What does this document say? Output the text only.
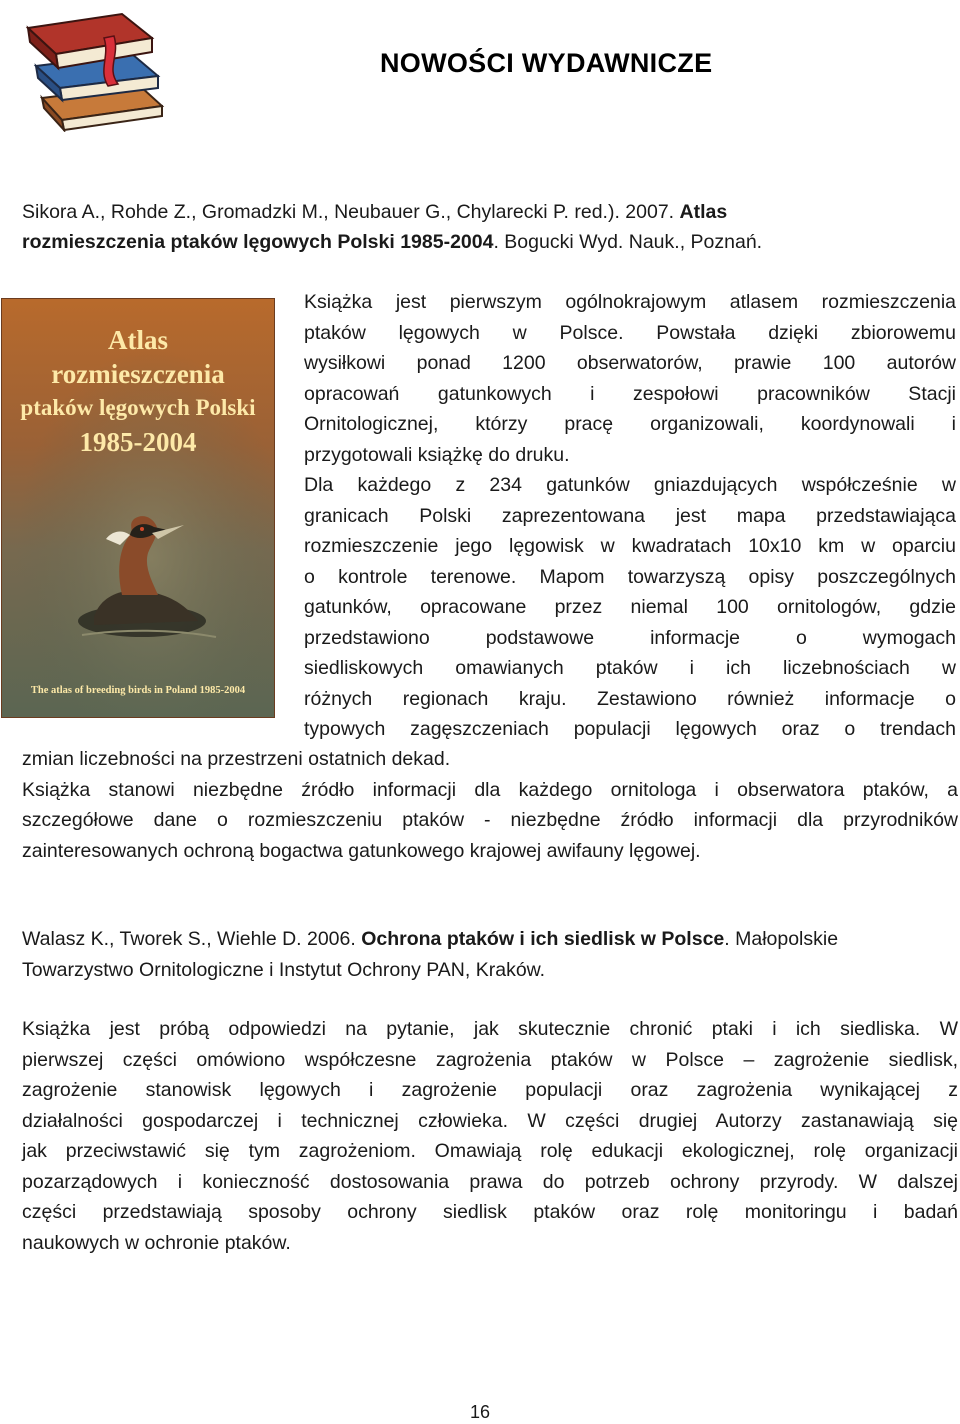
NOWOŚCI WYDAWNICZE

Sikora A., Rohde Z., Gromadzki M., Neubauer G., Chylarecki P. red.). 2007. Atlas

rozmieszczenia ptaków lęgowych Polski 1985-2004. Bogucki Wyd. Nauk., Poznań.

Atlas
rozmieszczenia
ptaków lęgowych Polski
1985-2004
The atlas of breeding birds in Poland 1985-2004

Książka jest pierwszym ogólnokrajowym atlasem rozmieszczenia

ptaków lęgowych w Polsce. Powstała dzięki zbiorowemu

wysiłkowi ponad 1200 obserwatorów, prawie 100 autorów

opracowań gatunkowych i zespołowi pracowników Stacji

Ornitologicznej, którzy pracę organizowali, koordynowali i

przygotowali książkę do druku.

Dla każdego z 234 gatunków gniazdujących współcześnie w

granicach Polski zaprezentowana jest mapa przedstawiająca

rozmieszczenie jego lęgowisk w kwadratach 10x10 km w oparciu

o kontrole terenowe. Mapom towarzyszą opisy poszczególnych

gatunków, opracowane przez niemal 100 ornitologów, gdzie

przedstawiono podstawowe informacje o wymogach

siedliskowych omawianych ptaków i ich liczebnościach w

różnych regionach kraju. Zestawiono również informacje o

typowych zagęszczeniach populacji lęgowych oraz o trendach

zmian liczebności na przestrzeni ostatnich dekad.

Książka stanowi niezbędne źródło informacji dla każdego ornitologa i obserwatora ptaków, a

szczegółowe dane o rozmieszczeniu ptaków - niezbędne źródło informacji dla przyrodników

zainteresowanych ochroną bogactwa gatunkowego krajowej awifauny lęgowej.

Walasz K., Tworek S., Wiehle D. 2006. Ochrona ptaków i ich siedlisk w Polsce. Małopolskie

Towarzystwo Ornitologiczne i Instytut Ochrony PAN, Kraków.

Książka jest próbą odpowiedzi na pytanie, jak skutecznie chronić ptaki i ich siedliska. W

pierwszej części omówiono współczesne zagrożenia ptaków w Polsce – zagrożenie siedlisk,

zagrożenie stanowisk lęgowych i zagrożenie populacji oraz zagrożenia wynikającej z

działalności gospodarczej i technicznej człowieka. W części drugiej Autorzy zastanawiają się

jak przeciwstawić się tym zagrożeniom. Omawiają rolę edukacji ekologicznej, rolę organizacji

pozarządowych i konieczność dostosowania prawa do potrzeb ochrony przyrody. W dalszej

części przedstawiają sposoby ochrony siedlisk ptaków oraz rolę monitoringu i badań

naukowych w ochronie ptaków.

16
